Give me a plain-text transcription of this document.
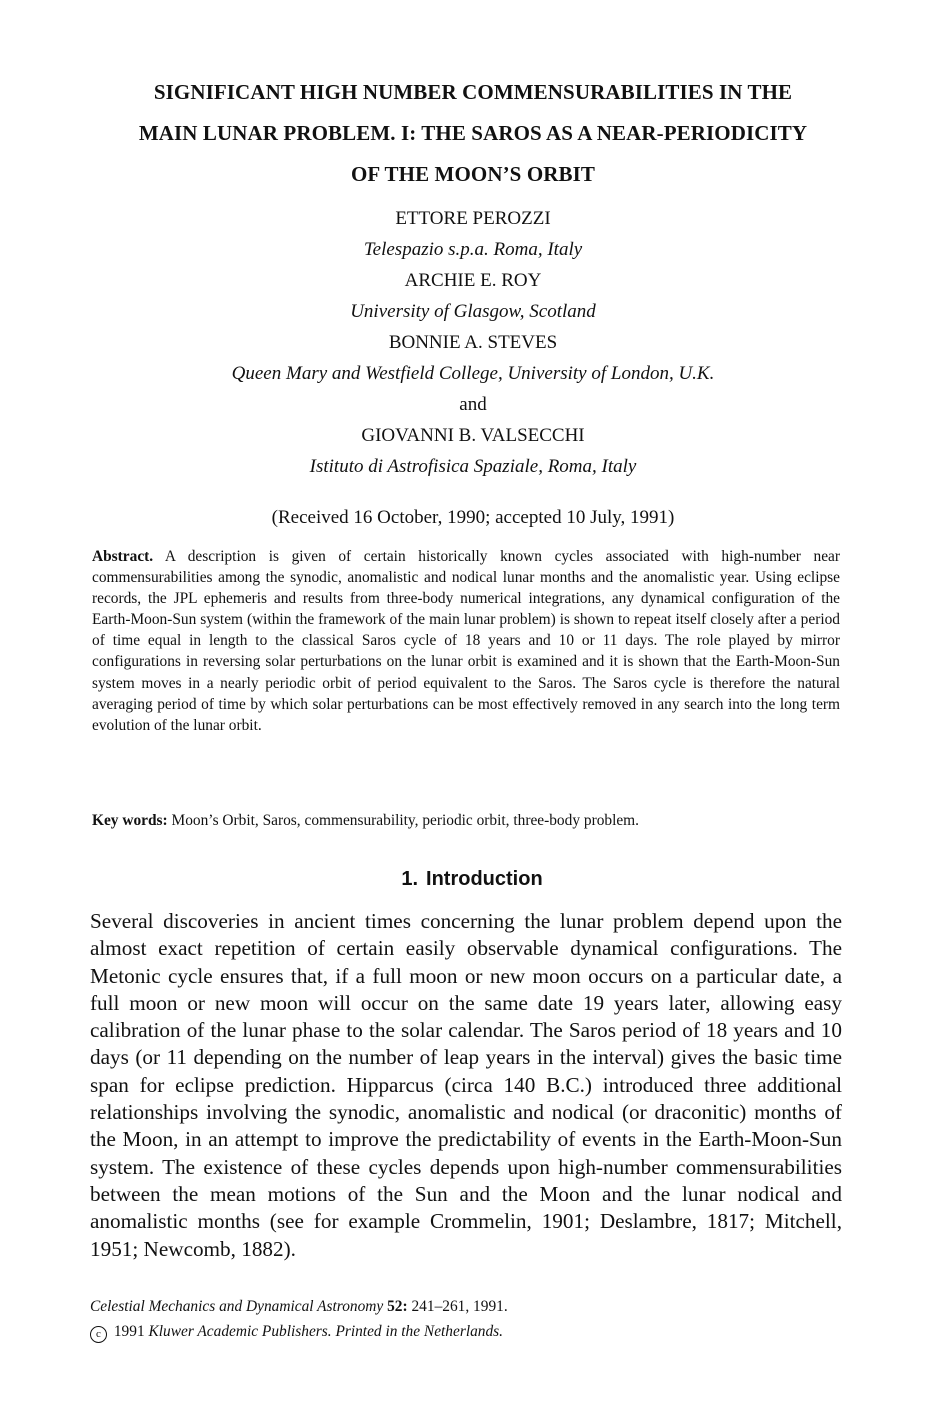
SIGNIFICANT HIGH NUMBER COMMENSURABILITIES IN THE
MAIN LUNAR PROBLEM. I: THE SAROS AS A NEAR-PERIODICITY
OF THE MOON’S ORBIT
ETTORE PEROZZI
Telespazio s.p.a. Roma, Italy
ARCHIE E. ROY
University of Glasgow, Scotland
BONNIE A. STEVES
Queen Mary and Westfield College, University of London, U.K.
and
GIOVANNI B. VALSECCHI
Istituto di Astrofisica Spaziale, Roma, Italy
(Received 16 October, 1990; accepted 10 July, 1991)
Abstract. A description is given of certain historically known cycles associated with high-number near commensurabilities among the synodic, anomalistic and nodical lunar months and the anomalistic year. Using eclipse records, the JPL ephemeris and results from three-body numerical integrations, any dynamical configuration of the Earth-Moon-Sun system (within the framework of the main lunar problem) is shown to repeat itself closely after a period of time equal in length to the classical Saros cycle of 18 years and 10 or 11 days. The role played by mirror configurations in reversing solar perturbations on the lunar orbit is examined and it is shown that the Earth-Moon-Sun system moves in a nearly periodic orbit of period equivalent to the Saros. The Saros cycle is therefore the natural averaging period of time by which solar perturbations can be most effectively removed in any search into the long term evolution of the lunar orbit.
Key words: Moon’s Orbit, Saros, commensurability, periodic orbit, three-body problem.
1. Introduction
Several discoveries in ancient times concerning the lunar problem depend upon the almost exact repetition of certain easily observable dynamical configurations. The Metonic cycle ensures that, if a full moon or new moon occurs on a particular date, a full moon or new moon will occur on the same date 19 years later, allowing easy calibration of the lunar phase to the solar calendar. The Saros period of 18 years and 10 days (or 11 depending on the number of leap years in the interval) gives the basic time span for eclipse prediction. Hipparcus (circa 140 B.C.) introduced three additional relationships involving the synodic, anomalistic and nodical (or draconitic) months of the Moon, in an attempt to improve the predictability of events in the Earth-Moon-Sun system. The existence of these cycles depends upon high-number commensurabilities between the mean motions of the Sun and the Moon and the lunar nodical and anomalistic months (see for example Crommelin, 1901; Deslambre, 1817; Mitchell, 1951; Newcomb, 1882).
Celestial Mechanics and Dynamical Astronomy 52: 241–261, 1991.
c 1991 Kluwer Academic Publishers. Printed in the Netherlands.
